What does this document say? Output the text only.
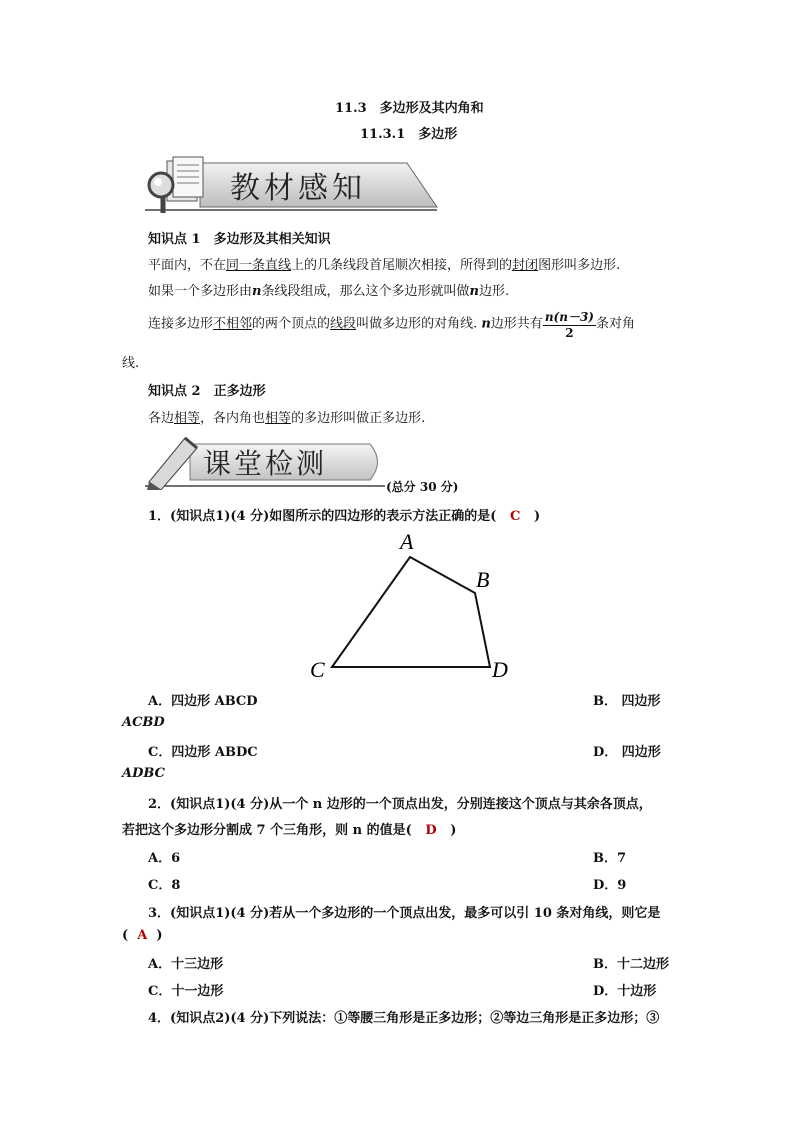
11.3　多边形及其内角和
11.3.1　多边形
教材感知
知识点 1　多边形及其相关知识
平面内，不在同一条直线上的几条线段首尾顺次相接，所得到的封闭图形叫多边形.
如果一个多边形由n条线段组成，那么这个多边形就叫做n边形.
连接多边形不相邻的两个顶点的线段叫做多边形的对角线. n边形共有 $\frac{n(n-3)}{2}$ 条对角
线.
知识点 2　正多边形
各边相等，各内角也相等的多边形叫做正多边形.
课堂检测
(总分 30 分)
1．(知识点1)(4 分)如图所示的四边形的表示方法正确的是( C )
A
B
C	D
A．四边形 ABCD	B． 四边形
ACBD
C．四边形 ABDC	D． 四边形
ADBC
2．(知识点1)(4 分)从一个 n 边形的一个顶点出发，分别连接这个顶点与其余各顶点，
若把这个多边形分割成 7 个三角形，则 n 的值是( D )
A．6	B．7
C．8	D．9
3．(知识点1)(4 分)若从一个多边形的一个顶点出发，最多可以引 10 条对角线，则它是
( A )
A．十三边形	B．十二边形
C．十一边形	D．十边形
4．(知识点2)(4 分)下列说法：①等腰三角形是正多边形；②等边三角形是正多边形；③
